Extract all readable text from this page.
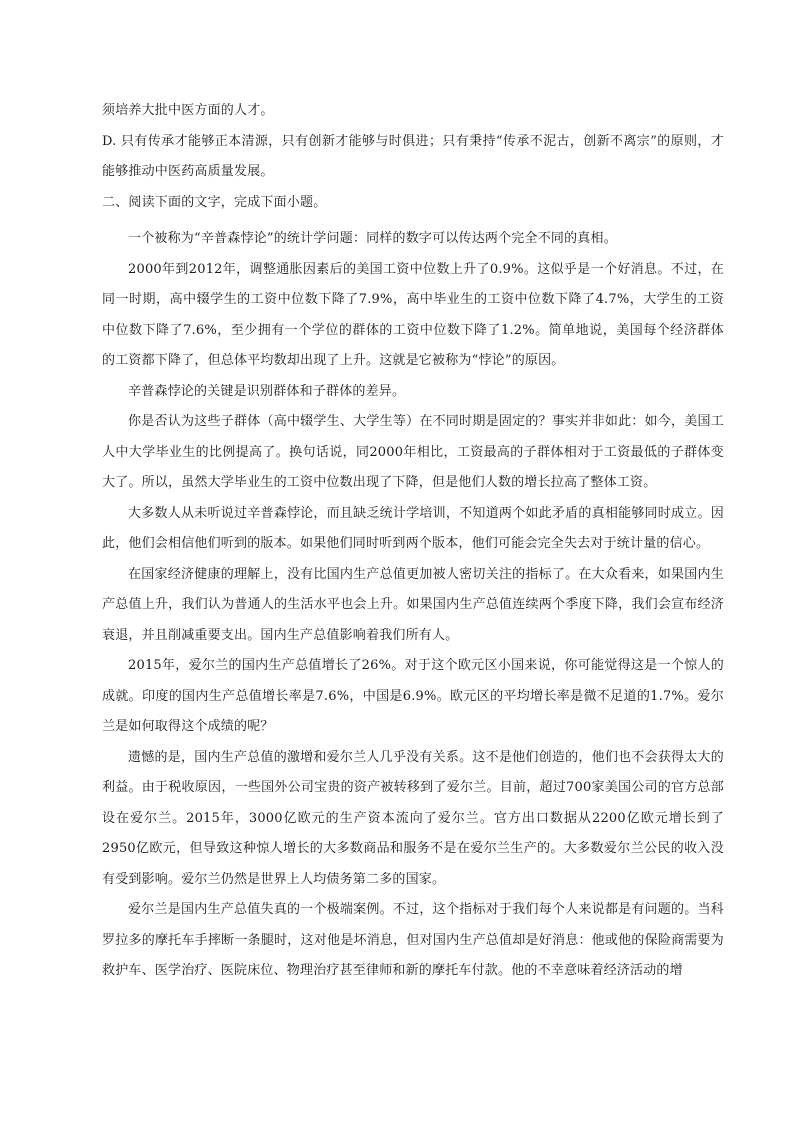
须培养大批中医方面的人才。

D. 只有传承才能够正本清源，只有创新才能够与时俱进；只有秉持“传承不泥古，创新不离宗”的原则，才能够推动中医药高质量发展。

二、阅读下面的文字，完成下面小题。

一个被称为“辛普森悖论”的统计学问题：同样的数字可以传达两个完全不同的真相。

2000年到2012年，调整通胀因素后的美国工资中位数上升了0.9%。这似乎是一个好消息。不过，在同一时期，高中辍学生的工资中位数下降了7.9%，高中毕业生的工资中位数下降了4.7%，大学生的工资中位数下降了7.6%，至少拥有一个学位的群体的工资中位数下降了1.2%。简单地说，美国每个经济群体的工资都下降了，但总体平均数却出现了上升。这就是它被称为“悖论”的原因。

辛普森悖论的关键是识别群体和子群体的差异。

你是否认为这些子群体（高中辍学生、大学生等）在不同时期是固定的？事实并非如此：如今，美国工人中大学毕业生的比例提高了。换句话说，同2000年相比，工资最高的子群体相对于工资最低的子群体变大了。所以，虽然大学毕业生的工资中位数出现了下降，但是他们人数的增长拉高了整体工资。

大多数人从未听说过辛普森悖论，而且缺乏统计学培训，不知道两个如此矛盾的真相能够同时成立。因此，他们会相信他们听到的版本。如果他们同时听到两个版本，他们可能会完全失去对于统计量的信心。

在国家经济健康的理解上，没有比国内生产总值更加被人密切关注的指标了。在大众看来，如果国内生产总值上升，我们认为普通人的生活水平也会上升。如果国内生产总值连续两个季度下降，我们会宣布经济衰退，并且削减重要支出。国内生产总值影响着我们所有人。

2015年，爱尔兰的国内生产总值增长了26%。对于这个欧元区小国来说，你可能觉得这是一个惊人的成就。印度的国内生产总值增长率是7.6%，中国是6.9%。欧元区的平均增长率是微不足道的1.7%。爱尔兰是如何取得这个成绩的呢？

遗憾的是，国内生产总值的激增和爱尔兰人几乎没有关系。这不是他们创造的，他们也不会获得太大的利益。由于税收原因，一些国外公司宝贵的资产被转移到了爱尔兰。目前，超过700家美国公司的官方总部设在爱尔兰。2015年，3000亿欧元的生产资本流向了爱尔兰。官方出口数据从2200亿欧元增长到了2950亿欧元，但导致这种惊人增长的大多数商品和服务不是在爱尔兰生产的。大多数爱尔兰公民的收入没有受到影响。爱尔兰仍然是世界上人均债务第二多的国家。

爱尔兰是国内生产总值失真的一个极端案例。不过，这个指标对于我们每个人来说都是有问题的。当科罗拉多的摩托车手摔断一条腿时，这对他是坏消息，但对国内生产总值却是好消息：他或他的保险商需要为救护车、医学治疗、医院床位、物理治疗甚至律师和新的摩托车付款。他的不幸意味着经济活动的增
